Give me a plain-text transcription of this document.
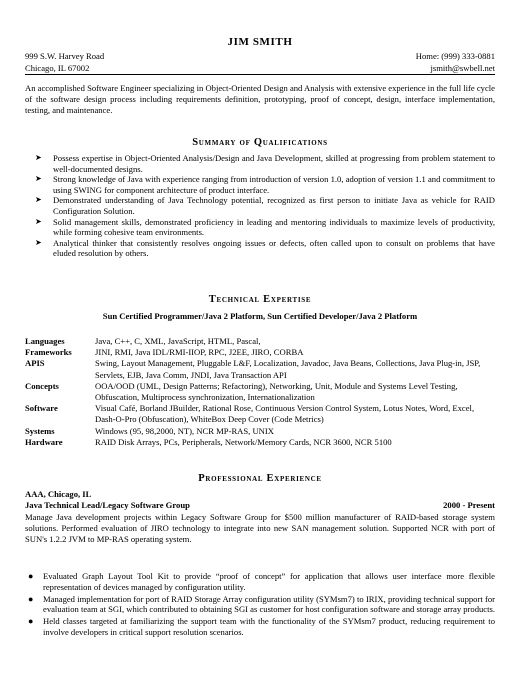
JIM SMITH
999 S.W. Harvey Road
Chicago, IL 67002
Home: (999) 333-0881
jsmith@swbell.net
An accomplished Software Engineer specializing in Object-Oriented Design and Analysis with extensive experience in the full life cycle of the software design process including requirements definition, prototyping, proof of concept, design, interface implementation, testing, and maintenance.
Summary of Qualifications
➤ Possess expertise in Object-Oriented Analysis/Design and Java Development, skilled at progressing from problem statement to well-documented designs.
➤ Strong knowledge of Java with experience ranging from introduction of version 1.0, adoption of version 1.1 and commitment to using SWING for component architecture of product interface.
➤ Demonstrated understanding of Java Technology potential, recognized as first person to initiate Java as vehicle for RAID Configuration Solution.
➤ Solid management skills, demonstrated proficiency in leading and mentoring individuals to maximize levels of productivity, while forming cohesive team environments.
➤ Analytical thinker that consistently resolves ongoing issues or defects, often called upon to consult on problems that have eluded resolution by others.
Technical Expertise
Sun Certified Programmer/Java 2 Platform, Sun Certified Developer/Java 2 Platform
Languages	Java, C++, C, XML, JavaScript, HTML, Pascal,
Frameworks	JINI, RMI, Java IDL/RMI-IIOP, RPC, J2EE, JIRO, CORBA
APIS	Swing, Layout Management, Pluggable L&F, Localization, Javadoc, Java Beans, Collections, Java Plug-in, JSP, Servlets, EJB, Java Comm, JNDI, Java Transaction API
Concepts	OOA/OOD (UML, Design Patterns; Refactoring), Networking, Unit, Module and Systems Level Testing, Obfuscation, Multiprocess synchronization, Internationalization
Software	Visual Café, Borland JBuilder, Rational Rose, Continuous Version Control System, Lotus Notes, Word, Excel, Dash-O-Pro (Obfuscation), WhiteBox Deep Cover (Code Metrics)
Systems	Windows (95, 98,2000, NT), NCR MP-RAS, UNIX
Hardware	RAID Disk Arrays, PCs, Peripherals, Network/Memory Cards, NCR 3600, NCR 5100
Professional Experience
AAA, Chicago, IL
Java Technical Lead/Legacy Software Group	2000 - Present
Manage Java development projects within Legacy Software Group for $500 million manufacturer of RAID-based storage system solutions. Performed evaluation of JIRO technology to integrate into new SAN management solution. Supported NCR with port of SUN's 1.2.2 JVM to MP-RAS operating system.
● Evaluated Graph Layout Tool Kit to provide “proof of concept” for application that allows user interface more flexible representation of devices managed by configuration utility.
● Managed implementation for port of RAID Storage Array configuration utility (SYMsm7) to IRIX, providing technical support for evaluation team at SGI, which contributed to obtaining SGI as customer for host configuration software and storage array products.
● Held classes targeted at familiarizing the support team with the functionality of the SYMsm7 product, reducing requirement to involve developers in critical support resolution scenarios.
